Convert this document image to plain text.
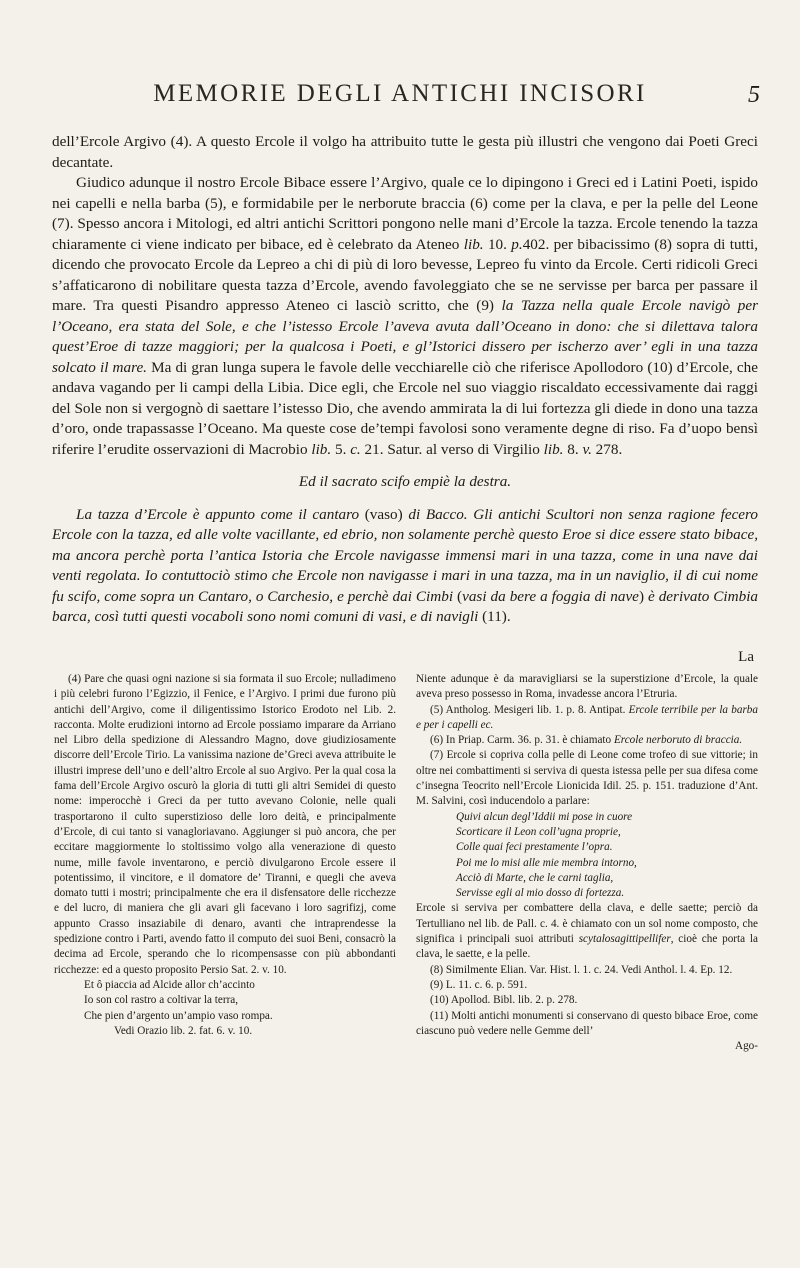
MEMORIE DEGLI ANTICHI INCISORI	5

dell’Ercole Argivo (4). A questo Ercole il volgo ha attribuito tutte le gesta più illustri che vengono dai Poeti Greci decantate.

Giudico adunque il nostro Ercole Bibace essere l’Argivo, quale ce lo dipingono i Greci ed i Latini Poeti, ispido nei capelli e nella barba (5), e formidabile per le nerborute braccia (6) come per la clava, e per la pelle del Leone (7). Spesso ancora i Mitologi, ed altri antichi Scrittori pongono nelle mani d’Ercole la tazza. Ercole tenendo la tazza chiaramente ci viene indicato per bibace, ed è celebrato da Ateneo lib. 10. p.402. per bibacissimo (8) sopra di tutti, dicendo che provocato Ercole da Lepreo a chi di più di loro bevesse, Lepreo fu vinto da Ercole. Certi ridicoli Greci s’affaticarono di nobilitare questa tazza d’Ercole, avendo favoleggiato che se ne servisse per barca per passare il mare. Tra questi Pisandro appresso Ateneo ci lasciò scritto, che (9) la Tazza nella quale Ercole navigò per l’Oceano, era stata del Sole, e che l’istesso Ercole l’aveva avuta dall’Oceano in dono: che si dilettava talora quest’Eroe di tazze maggiori; per la qualcosa i Poeti, e gl’Istorici dissero per ischerzo aver’ egli in una tazza solcato il mare. Ma di gran lunga supera le favole delle vecchiarelle ciò che riferisce Apollodoro (10) d’Ercole, che andava vagando per li campi della Libia. Dice egli, che Ercole nel suo viaggio riscaldato eccessivamente dai raggi del Sole non si vergognò di saettare l’istesso Dio, che avendo ammirata la di lui fortezza gli diede in dono una tazza d’oro, onde trapassasse l’Oceano. Ma queste cose de’tempi favolosi sono veramente degne di riso. Fa d’uopo bensì riferire l’erudite osservazioni di Macrobio lib. 5. c. 21. Satur. al verso di Virgilio lib. 8. v. 278.

Ed il sacrato scifo empiè la destra.

La tazza d’Ercole è appunto come il cantaro (vaso) di Bacco. Gli antichi Scultori non senza ragione fecero Ercole con la tazza, ed alle volte vacillante, ed ebrio, non solamente perchè questo Eroe si dice essere stato bibace, ma ancora perchè porta l’antica Istoria che Ercole navigasse immensi mari in una tazza, come in una nave dai venti regolata. Io contuttociò stimo che Ercole non navigasse i mari in una tazza, ma in un naviglio, il di cui nome fu scifo, come sopra un Cantaro, o Carchesio, e perchè dai Cimbi (vasi da bere a foggia di nave) è derivato Cimbia barca, così tutti questi vocaboli sono nomi comuni di vasi, e di navigli (11).

La

(4) Pare che quasi ogni nazione si sia formata il suo Ercole; nulladimeno i più celebri furono l’Egizzio, il Fenice, e l’Argivo. I primi due furono più antichi dell’Argivo, come il diligentissimo Istorico Erodoto nel Lib. 2. racconta. Molte erudizioni intorno ad Ercole possiamo imparare da Arriano nel Libro della spedizione di Alessandro Magno, dove giudiziosamente discorre dell’Ercole Tirio. La vanissima nazione de’Greci aveva attribuite le illustri imprese dell’uno e dell’altro Ercole al suo Argivo. Per la qual cosa la fama dell’Ercole Argivo oscurò la gloria di tutti gli altri Semidei di questo nome: imperocchè i Greci da per tutto avevano Colonie, nelle quali trasportarono il culto superstizioso delle loro deità, e principalmente d’Ercole, di cui tanto si vanagloriavano. Aggiunger si può ancora, che per eccitare maggiormente lo stoltissimo volgo alla venerazione di questo nume, mille favole inventarono, e perciò divulgarono Ercole essere il potentissimo, il vincitore, e il domatore de’ Tiranni, e quegli che aveva domato tutti i mostri; principalmente che era il disfensatore delle ricchezze e del lucro, di maniera che gli avari gli facevano i loro sagrifizj, come appunto Crasso insaziabile di denaro, avanti che intraprendesse la spedizione contro i Parti, avendo fatto il computo dei suoi Beni, consacrò la decima ad Ercole, sperando che lo ricompensasse con più abbondanti ricchezze: ed a questo proposito Persio Sat. 2. v. 10.

Et ô piaccia ad Alcide allor ch’accinto

Io son col rastro a coltivar la terra,

Che pien d’argento un’ampio vaso rompa.

Vedi Orazio lib. 2. fat. 6. v. 10.

Niente adunque è da maravigliarsi se la superstizione d’Ercole, la quale aveva preso possesso in Roma, invadesse ancora l’Etruria.

(5) Antholog. Mesigeri lib. 1. p. 8. Antipat. Ercole terribile per la barba e per i capelli ec.

(6) In Priap. Carm. 36. p. 31. è chiamato Ercole nerboruto di braccia.

(7) Ercole si copriva colla pelle di Leone come trofeo di sue vittorie; in oltre nei combattimenti si serviva di questa istessa pelle per sua difesa come c’insegna Teocrito nell’Ercole Lionicida Idil. 25. p. 151. traduzione d’Ant. M. Salvini, così inducendolo a parlare:

Quivi alcun degl’Iddii mi pose in cuore

Scorticare il Leon coll’ugna proprie,

Colle quai feci prestamente l’opra.

Poi me lo misi alle mie membra intorno,

Acciò di Marte, che le carni taglia,

Servisse egli al mio dosso di fortezza.

Ercole si serviva per combattere della clava, e delle saette; perciò da Tertulliano nel lib. de Pall. c. 4. è chiamato con un sol nome composto, che significa i principali suoi attributi scytalosagittipellifer, cioè che porta la clava, le saette, e la pelle.

(8) Similmente Elian. Var. Hist. l. 1. c. 24. Vedi Anthol. l. 4. Ep. 12.

(9) L. 11. c. 6. p. 591.

(10) Apollod. Bibl. lib. 2. p. 278.

(11) Molti antichi monumenti si conservano di questo bibace Eroe, come ciascuno può vedere nelle Gemme dell’

Ago-
